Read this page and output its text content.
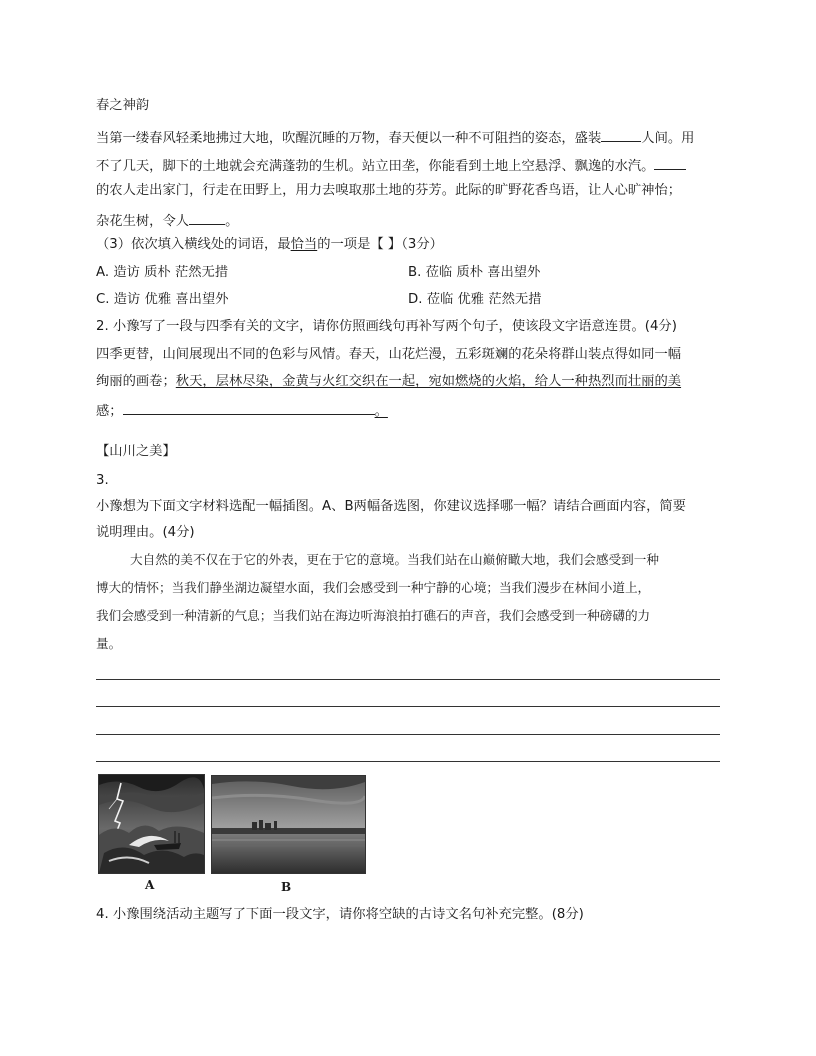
春之神韵
当第一缕春风轻柔地拂过大地，吹醒沉睡的万物，春天便以一种不可阻挡的姿态，盛装	人间。用
不了几天，脚下的土地就会充满蓬勃的生机。站立田垄，你能看到土地上空悬浮、飘逸的水汽。
的农人走出家门，行走在田野上，用力去嗅取那土地的芬芳。此际的旷野花香鸟语，让人心旷神怡；
杂花生树，令人	。
（3）依次填入横线处的词语，最恰当的一项是【 】（3分）
A. 造访 质朴 茫然无措	B. 莅临 质朴 喜出望外
C. 造访 优雅 喜出望外	D. 莅临 优雅 茫然无措
2. 小豫写了一段与四季有关的文字，请你仿照画线句再补写两个句子，使该段文字语意连贯。(4分)
四季更替，山间展现出不同的色彩与风情。春天，山花烂漫，五彩斑斓的花朵将群山装点得如同一幅
绚丽的画卷；秋天，层林尽染，金黄与火红交织在一起，宛如燃烧的火焰，给人一种热烈而壮丽的美
感；	。
【山川之美】
3.
小豫想为下面文字材料选配一幅插图。A、B两幅备选图，你建议选择哪一幅？请结合画面内容，简要
说明理由。(4分)
大自然的美不仅在于它的外表，更在于它的意境。当我们站在山巅俯瞰大地，我们会感受到一种
博大的情怀；当我们静坐湖边凝望水面，我们会感受到一种宁静的心境；当我们漫步在林间小道上，
我们会感受到一种清新的气息；当我们站在海边听海浪拍打礁石的声音，我们会感受到一种磅礴的力
量。
A	B
4. 小豫围绕活动主题写了下面一段文字，请你将空缺的古诗文名句补充完整。(8分)
